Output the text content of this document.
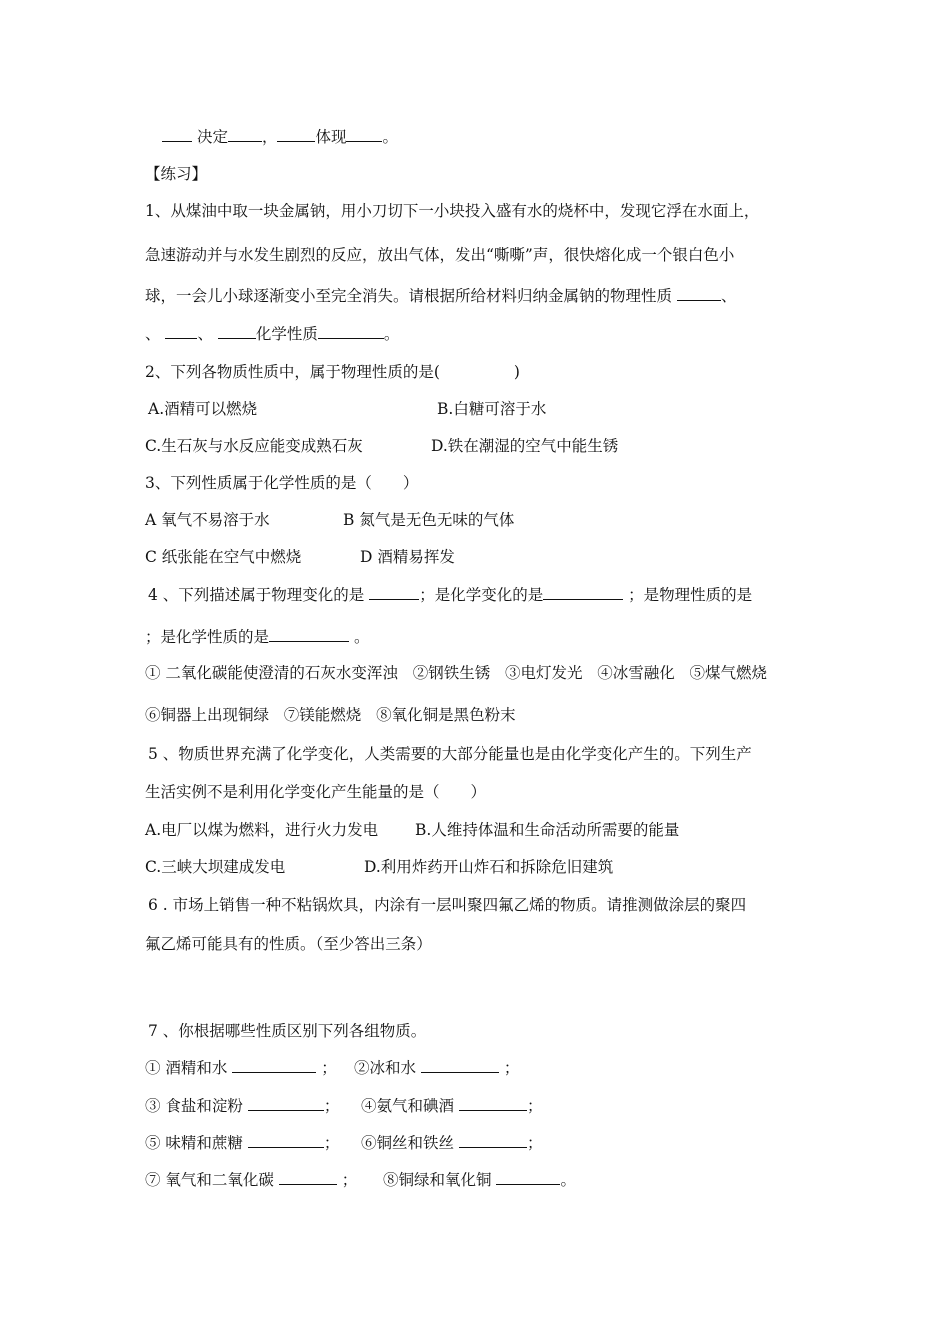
决定 ， 体现 。
【练习】
1、从煤油中取一块金属钠，用小刀切下一小块投入盛有水的烧杯中，发现它浮在水面上，
急速游动并与水发生剧烈的反应，放出气体，发出“嘶嘶”声，很快熔化成一个银白色小
球，一会儿小球逐渐变小至完全消失。请根据所给材料归纳金属钠的物理性质	、
、 、	化学性质	。
2、下列各物质性质中，属于物理性质的是(	)
A.酒精可以燃烧	B.白糖可溶于水
C.生石灰与水反应能变成熟石灰	D.铁在潮湿的空气中能生锈
3、下列性质属于化学性质的是（　　）
A 氧气不易溶于水	B 氮气是无色无味的气体
C 纸张能在空气中燃烧	D 酒精易挥发
4 、下列描述属于物理变化的是	；是化学变化的是	；是物理性质的是
；是化学性质的是	。
① 二氧化碳能使澄清的石灰水变浑浊   ②钢铁生锈   ③电灯发光   ④冰雪融化   ⑤煤气燃烧
⑥铜器上出现铜绿   ⑦镁能燃烧   ⑧氧化铜是黑色粉末
5 、物质世界充满了化学变化，人类需要的大部分能量也是由化学变化产生的。下列生产
生活实例不是利用化学变化产生能量的是（　　）
A.电厂以煤为燃料，进行火力发电 B.人维持体温和生命活动所需要的能量
C.三峡大坝建成发电	D.利用炸药开山炸石和拆除危旧建筑
6 . 市场上销售一种不粘锅炊具，内涂有一层叫聚四氟乙烯的物质。请推测做涂层的聚四
氟乙烯可能具有的性质。（至少答出三条）
7 、你根据哪些性质区别下列各组物质。
① 酒精和水	； ②冰和水	；
③ 食盐和淀粉	； ④氨气和碘酒	；
⑤ 味精和蔗糖	； ⑥铜丝和铁丝	；
⑦ 氧气和二氧化碳	； ⑧铜绿和氧化铜	。
